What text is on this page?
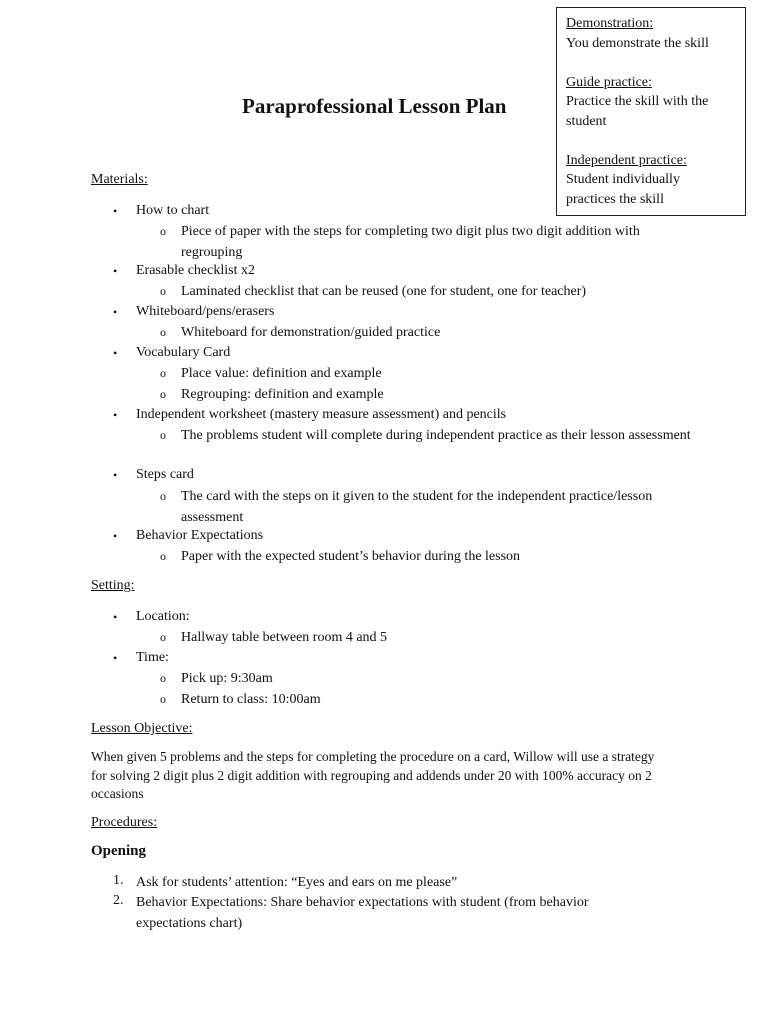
Demonstration:
You demonstrate the skill
Guide practice:
Practice the skill with the student
Independent practice:
Student individually practices the skill
Paraprofessional Lesson Plan
Materials:
• How to chart
o Piece of paper with the steps for completing two digit plus two digit addition with regrouping
• Erasable checklist x2
o Laminated checklist that can be reused (one for student, one for teacher)
• Whiteboard/pens/erasers
o Whiteboard for demonstration/guided practice
• Vocabulary Card
o Place value: definition and example
o Regrouping: definition and example
• Independent worksheet (mastery measure assessment) and pencils
o The problems student will complete during independent practice as their lesson assessment
• Steps card
o The card with the steps on it given to the student for the independent practice/lesson assessment
• Behavior Expectations
o Paper with the expected student’s behavior during the lesson
Setting:
• Location:
o Hallway table between room 4 and 5
• Time:
o Pick up: 9:30am
o Return to class: 10:00am
Lesson Objective:
When given 5 problems and the steps for completing the procedure on a card, Willow will use a strategy for solving 2 digit plus 2 digit addition with regrouping and addends under 20 with 100% accuracy on 2 occasions
Procedures:
Opening
1. Ask for students’ attention: “Eyes and ears on me please”
2. Behavior Expectations: Share behavior expectations with student (from behavior expectations chart)
